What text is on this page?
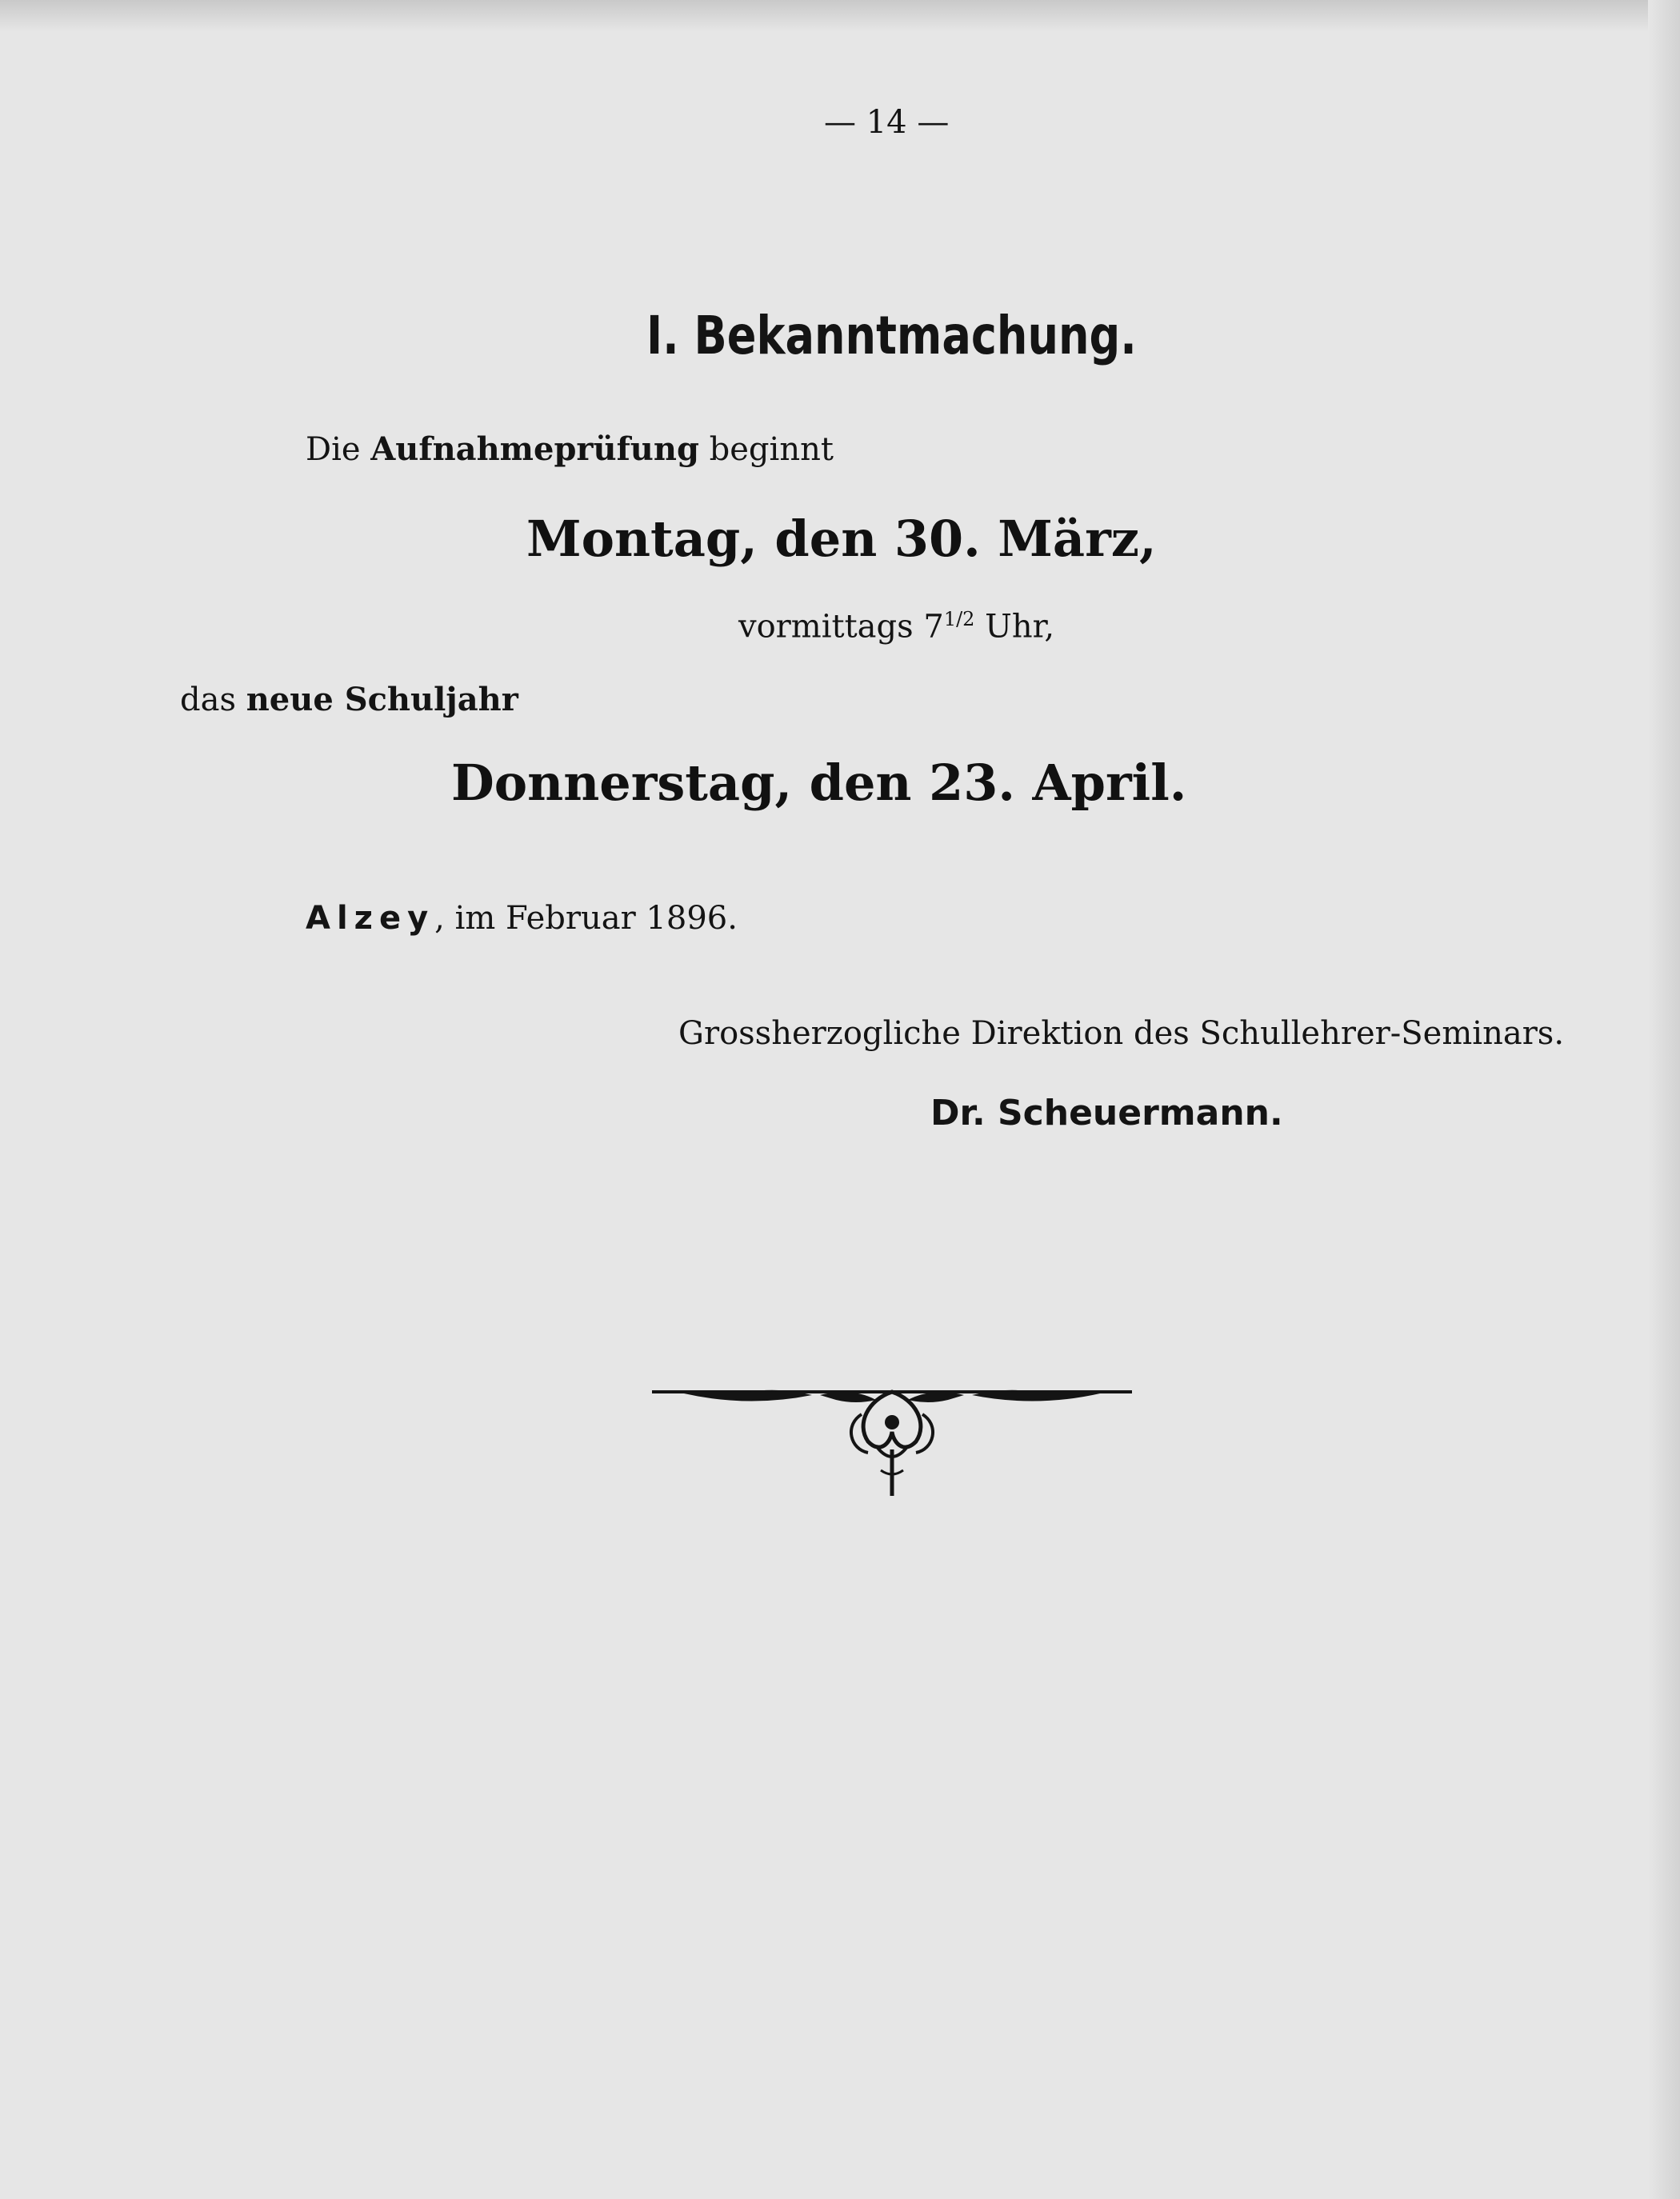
— 14 —
I. Bekanntmachung.
Die Aufnahmeprüfung beginnt
Montag, den 30. März,
vormittags $7^{1/2}$ Uhr,
das neue Schuljahr
Donnerstag, den 23. April.
Alzey, im Februar 1896.
Grossherzogliche Direktion des Schullehrer-Seminars.
Dr. Scheuermann.
